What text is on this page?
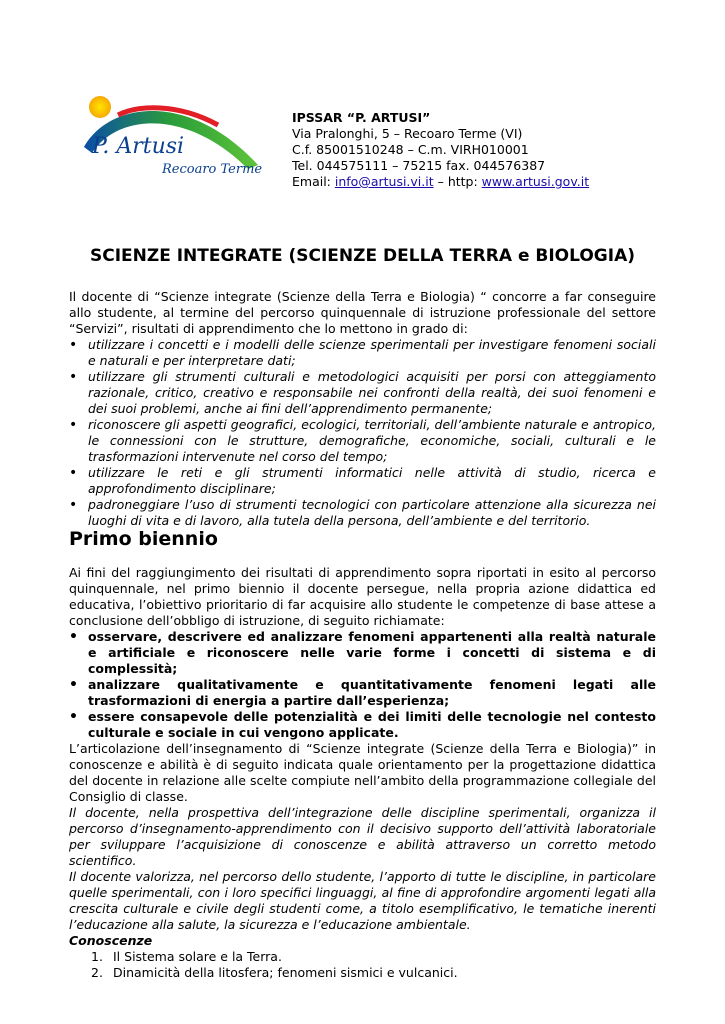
P. Artusi
Recoaro Terme
IPSSAR “P. ARTUSI”
Via Pralonghi, 5 – Recoaro Terme (VI)
C.f. 85001510248 – C.m. VIRH010001
Tel. 044575111 – 75215 fax. 044576387
Email: info@artusi.vi.it – http: www.artusi.gov.it
SCIENZE INTEGRATE (SCIENZE DELLA TERRA e BIOLOGIA)
Il docente di “Scienze integrate (Scienze della Terra e Biologia) “ concorre a far conseguire allo studente, al termine del percorso quinquennale di istruzione professionale del settore “Servizi”, risultati di apprendimento che lo mettono in grado di:
• utilizzare i concetti e i modelli delle scienze sperimentali per investigare fenomeni sociali e naturali e per interpretare dati;
• utilizzare gli strumenti culturali e metodologici acquisiti per porsi con atteggiamento razionale, critico, creativo e responsabile nei confronti della realtà, dei suoi fenomeni e dei suoi problemi, anche ai fini dell’apprendimento permanente;
• riconoscere gli aspetti geografici, ecologici, territoriali, dell’ambiente naturale e antropico, le connessioni con le strutture, demografiche, economiche, sociali, culturali e le trasformazioni intervenute nel corso del tempo;
• utilizzare le reti e gli strumenti informatici nelle attività di studio, ricerca e approfondimento disciplinare;
• padroneggiare l’uso di strumenti tecnologici con particolare attenzione alla sicurezza nei luoghi di vita e di lavoro, alla tutela della persona, dell’ambiente e del territorio.
Primo biennio
Ai fini del raggiungimento dei risultati di apprendimento sopra riportati in esito al percorso quinquennale, nel primo biennio il docente persegue, nella propria azione didattica ed educativa, l’obiettivo prioritario di far acquisire allo studente le competenze di base attese a conclusione dell’obbligo di istruzione, di seguito richiamate:
• osservare, descrivere ed analizzare fenomeni appartenenti alla realtà naturale e artificiale e riconoscere nelle varie forme i concetti di sistema e di complessità;
• analizzare qualitativamente e quantitativamente fenomeni legati alle trasformazioni di energia a partire dall’esperienza;
• essere consapevole delle potenzialità e dei limiti delle tecnologie nel contesto culturale e sociale in cui vengono applicate.
L’articolazione dell’insegnamento di “Scienze integrate (Scienze della Terra e Biologia)” in conoscenze e abilità è di seguito indicata quale orientamento per la progettazione didattica del docente in relazione alle scelte compiute nell’ambito della programmazione collegiale del Consiglio di classe.
Il docente, nella prospettiva dell’integrazione delle discipline sperimentali, organizza il percorso d’insegnamento-apprendimento con il decisivo supporto dell’attività laboratoriale per sviluppare l’acquisizione di conoscenze e abilità attraverso un corretto metodo scientifico.
Il docente valorizza, nel percorso dello studente, l’apporto di tutte le discipline, in particolare quelle sperimentali, con i loro specifici linguaggi, al fine di approfondire argomenti legati alla crescita culturale e civile degli studenti come, a titolo esemplificativo, le tematiche inerenti l’educazione alla salute, la sicurezza e l’educazione ambientale.
Conoscenze
1. Il Sistema solare e la Terra.
2. Dinamicità della litosfera; fenomeni sismici e vulcanici.
